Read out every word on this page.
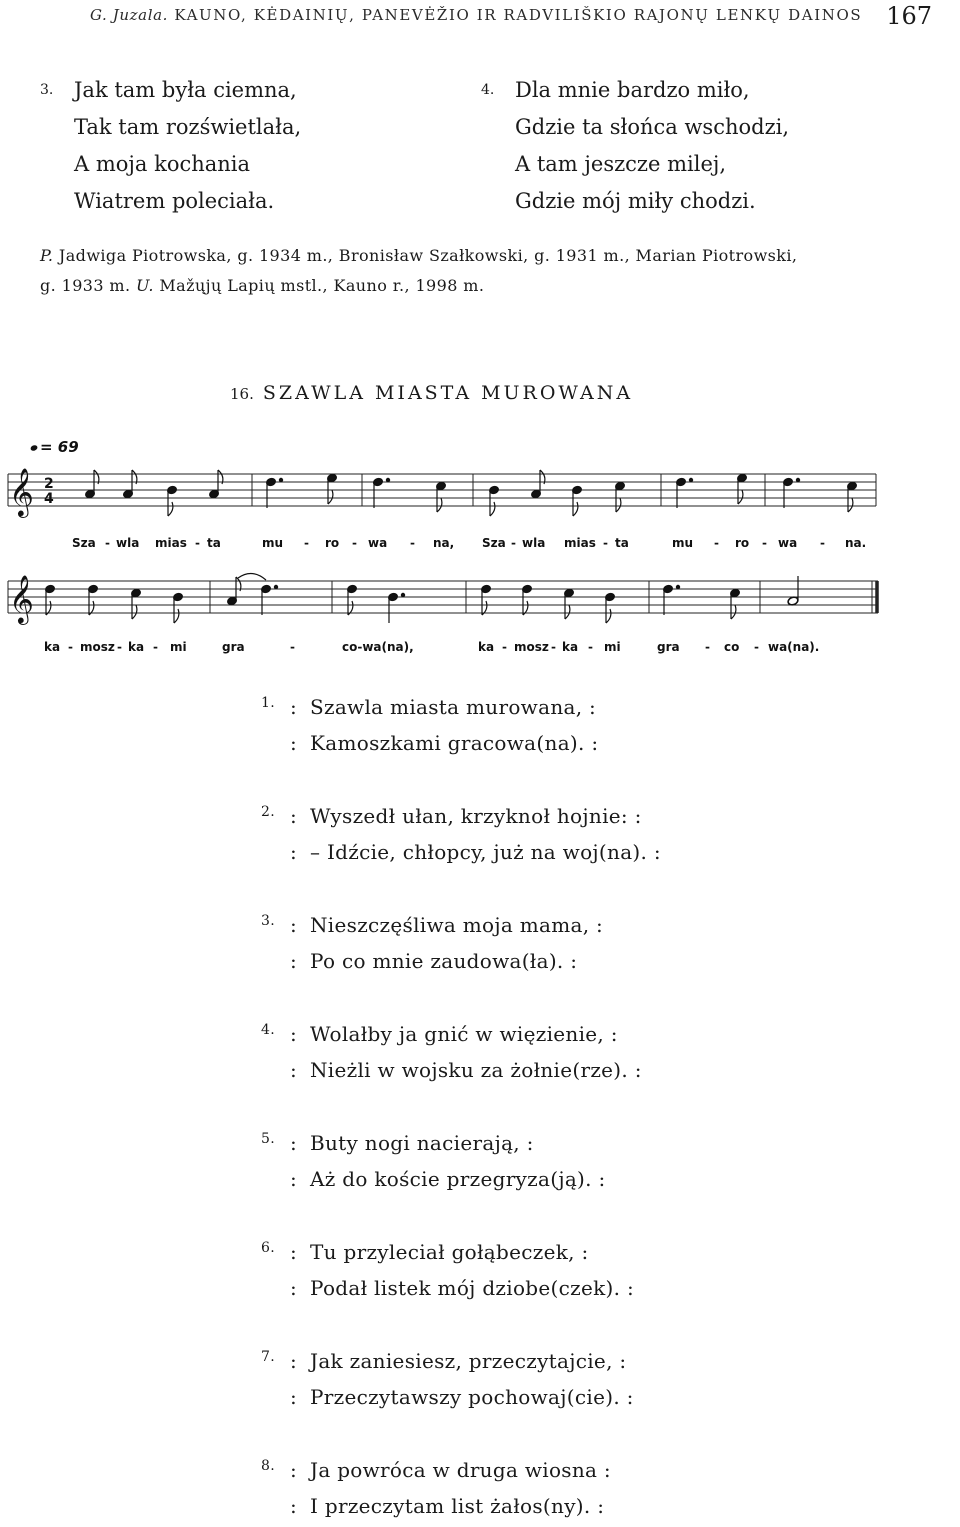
G. Juzala. KAUNO, KĖDAINIŲ, PANEVĖŽIO IR RADVILIŠKIO RAJONŲ LENKŲ DAINOS 167
3. Jak tam była ciemna,
Tak tam rozświetlała,
A moja kochania
Wiatrem poleciała.
4. Dla mnie bardzo miło,
Gdzie ta słońca wschodzi,
A tam jeszcze milej,
Gdzie mój miły chodzi.
P. Jadwiga Piotrowska, g. 1934 m., Bronisław Szałkowski, g. 1931 m., Marian Piotrowski,
g. 1933 m. U. Mažųjų Lapių mstl., Kauno r., 1998 m.
16. SZAWLA MIASTA MUROWANA
= 69
𝄞 2
4
Sza - wla mias - ta	mu - ro - wa - na, Sza - wla mias - ta	mu - ro - wa - na.
𝄞
ka - mosz - ka - mi	gra	-	co-wa(na),	ka - mosz - ka - mi	gra - co - wa(na).
1. : Szawla miasta murowana, :
: Kamoszkami gracowa(na). :
2. : Wyszedł ułan, krzyknoł hojnie: :
: – Idźcie, chłopcy, już na woj(na). :
3. : Nieszczęśliwa moja mama, :
: Po co mnie zaudowa(ła). :
4. : Wolałby ja gnić w więzienie, :
: Nieżli w wojsku za żołnie(rze). :
5. : Buty nogi nacierają, :
: Aż do koście przegryza(ją). :
6. : Tu przyleciał gołąbeczek, :
: Podał listek mój dziobe(czek). :
7. : Jak zaniesiesz, przeczytajcie, :
: Przeczytawszy pochowaj(cie). :
8. : Ja powróca w druga wiosna :
: I przeczytam list żałos(ny). :
